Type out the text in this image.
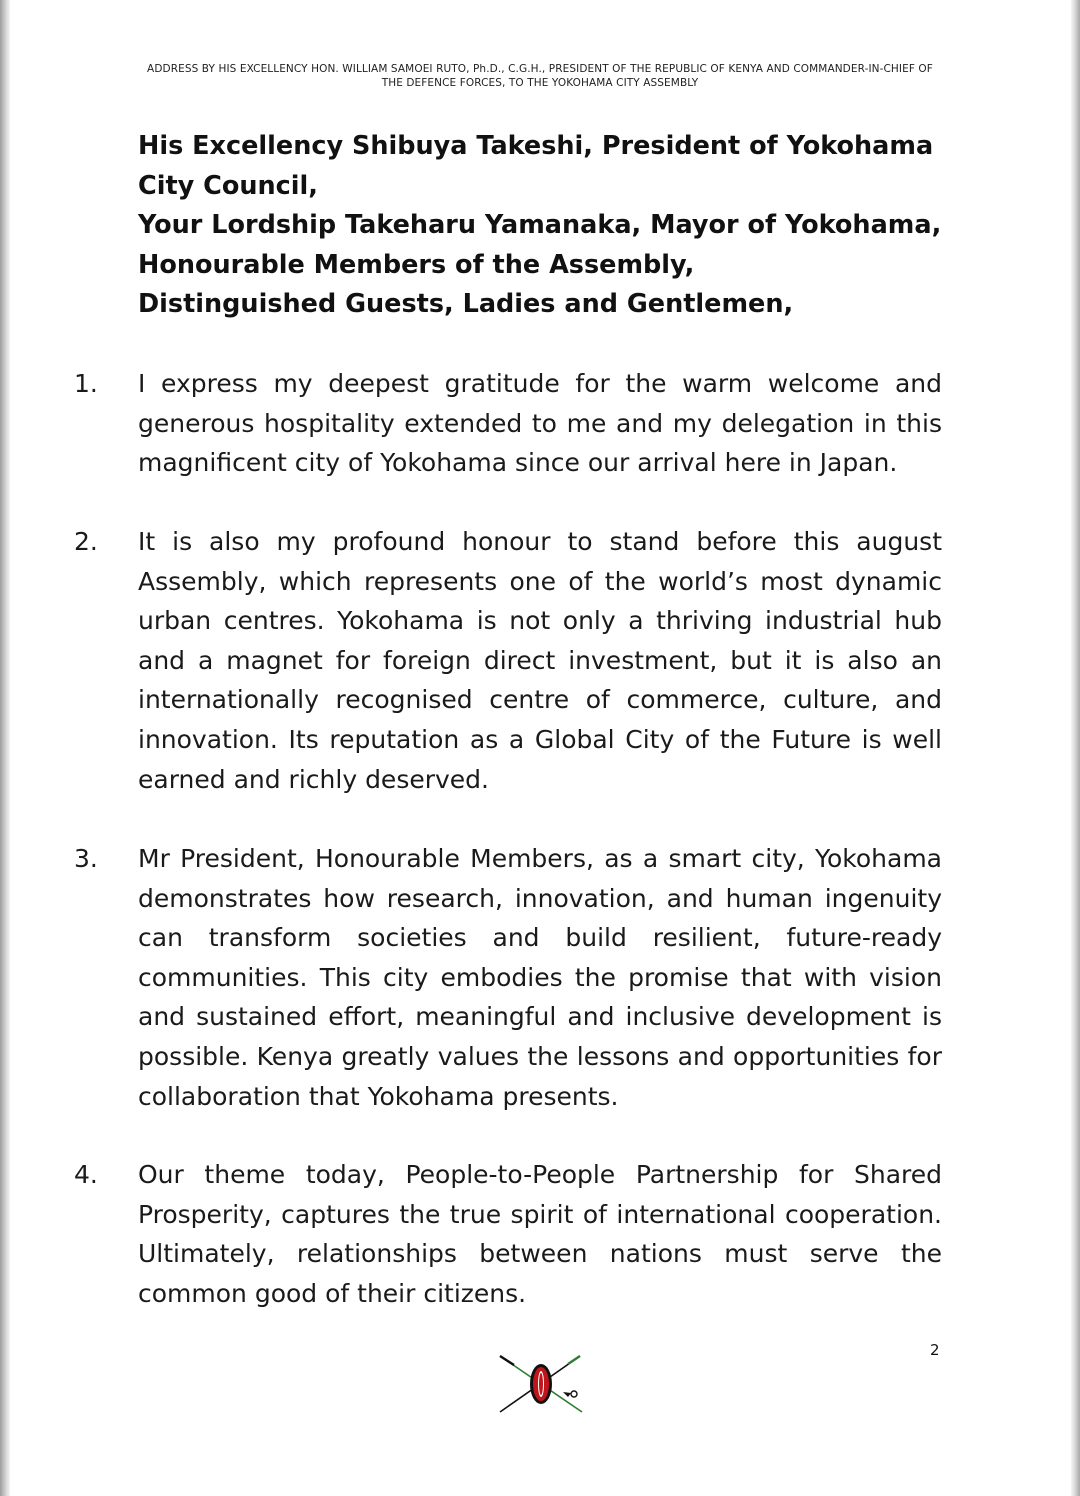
ADDRESS BY HIS EXCELLENCY HON. WILLIAM SAMOEI RUTO, Ph.D., C.G.H., PRESIDENT OF THE REPUBLIC OF KENYA AND COMMANDER-IN-CHIEF OF
THE DEFENCE FORCES, TO THE YOKOHAMA CITY ASSEMBLY
His Excellency Shibuya Takeshi, President of Yokohama
City Council,
Your Lordship Takeharu Yamanaka, Mayor of Yokohama,
Honourable Members of the Assembly,
Distinguished Guests, Ladies and Gentlemen,
1. I express my deepest gratitude for the warm welcome and generous hospitality extended to me and my delegation in this magnificent city of Yokohama since our arrival here in Japan.
2. It is also my profound honour to stand before this august Assembly, which represents one of the world’s most dynamic urban centres. Yokohama is not only a thriving industrial hub and a magnet for foreign direct investment, but it is also an internationally recognised centre of commerce, culture, and innovation. Its reputation as a Global City of the Future is well earned and richly deserved.
3. Mr President, Honourable Members, as a smart city, Yokohama demonstrates how research, innovation, and human ingenuity can transform societies and build resilient, future-ready communities. This city embodies the promise that with vision and sustained effort, meaningful and inclusive development is possible. Kenya greatly values the lessons and opportunities for collaboration that Yokohama presents.
4. Our theme today, People-to-People Partnership for Shared Prosperity, captures the true spirit of international cooperation. Ultimately, relationships between nations must serve the common good of their citizens.
2
